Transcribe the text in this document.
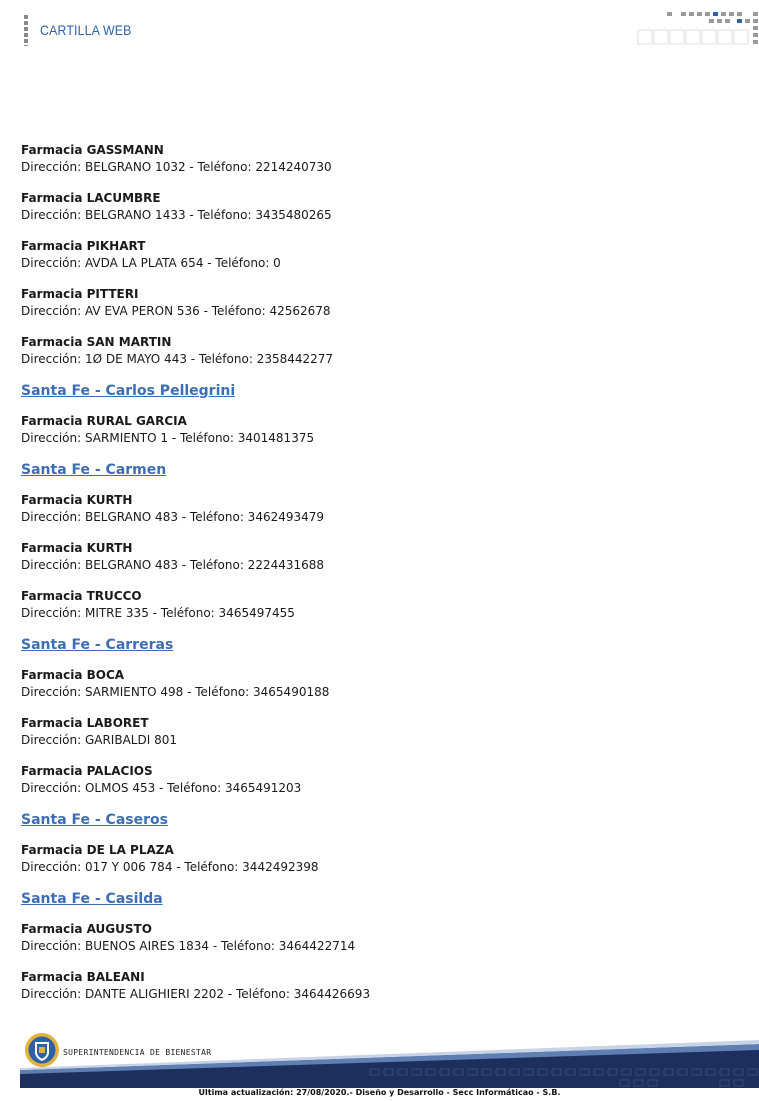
CARTILLA WEB
Farmacia GASSMANN
Dirección: BELGRANO 1032 - Teléfono: 2214240730
Farmacia LACUMBRE
Dirección: BELGRANO 1433 - Teléfono: 3435480265
Farmacia PIKHART
Dirección: AVDA LA PLATA 654 - Teléfono: 0
Farmacia PITTERI
Dirección: AV EVA PERON 536 - Teléfono: 42562678
Farmacia SAN MARTIN
Dirección: 1Ø DE MAYO 443 - Teléfono: 2358442277
Santa Fe - Carlos Pellegrini
Farmacia RURAL GARCIA
Dirección: SARMIENTO 1 - Teléfono: 3401481375
Santa Fe - Carmen
Farmacia KURTH
Dirección: BELGRANO 483 - Teléfono: 3462493479
Farmacia KURTH
Dirección: BELGRANO 483 - Teléfono: 2224431688
Farmacia TRUCCO
Dirección: MITRE 335 - Teléfono: 3465497455
Santa Fe - Carreras
Farmacia BOCA
Dirección: SARMIENTO 498 - Teléfono: 3465490188
Farmacia LABORET
Dirección: GARIBALDI 801
Farmacia PALACIOS
Dirección: OLMOS 453 - Teléfono: 3465491203
Santa Fe - Caseros
Farmacia DE LA PLAZA
Dirección: 017 Y 006 784 - Teléfono: 3442492398
Santa Fe - Casilda
Farmacia AUGUSTO
Dirección: BUENOS AIRES 1834 - Teléfono: 3464422714
Farmacia BALEANI
Dirección: DANTE ALIGHIERI 2202 - Teléfono: 3464426693
SUPERINTENDENCIA DE BIENESTAR
Ultima actualización: 27/08/2020.- Diseño y Desarrollo - Secc Informáticao - S.B.
